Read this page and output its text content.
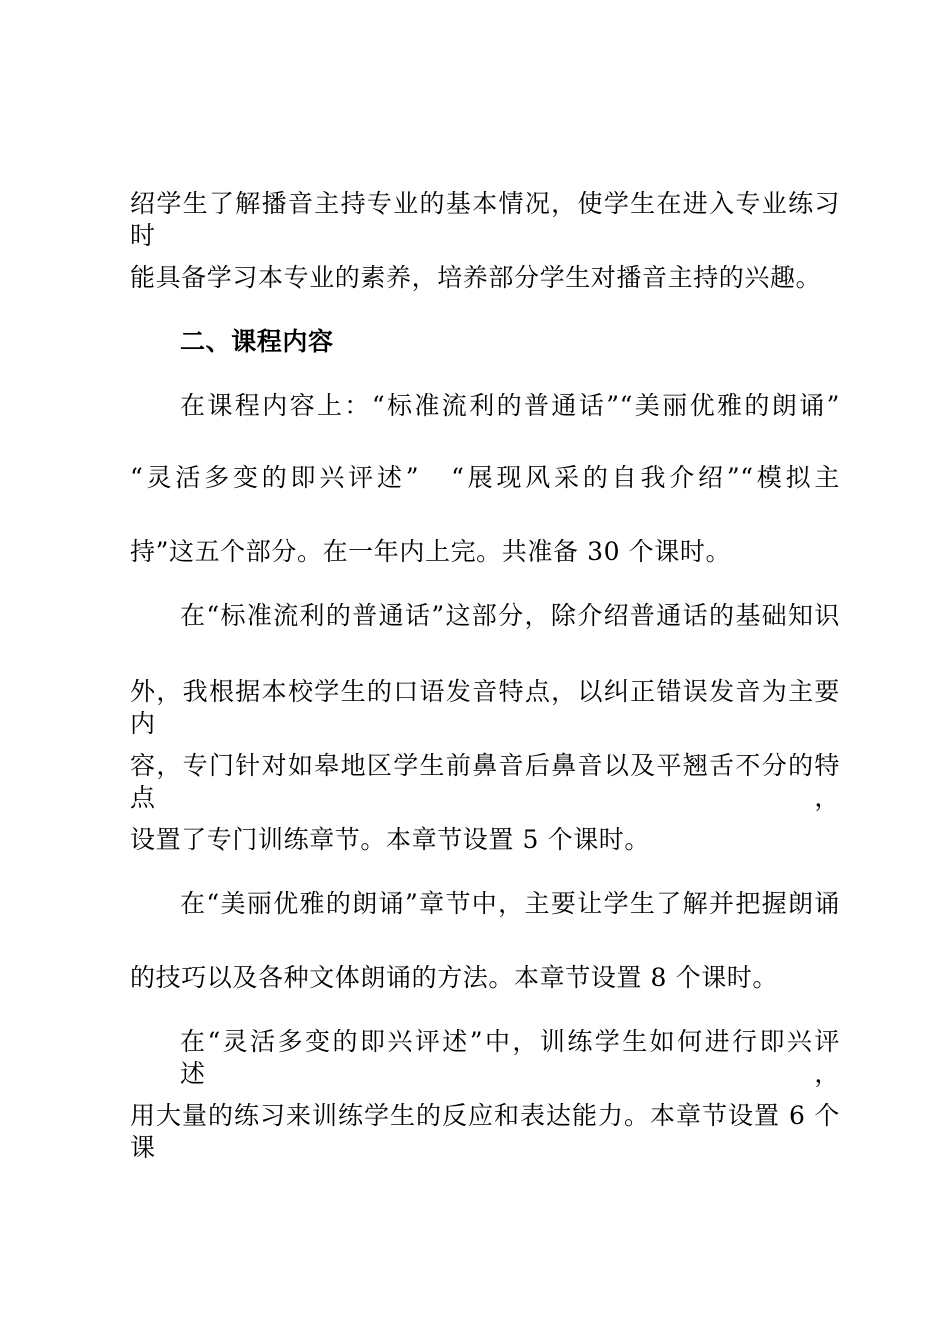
绍学生了解播音主持专业的基本情况，使学生在进入专业练习时
能具备学习本专业的素养，培养部分学生对播音主持的兴趣。
二、课程内容
在课程内容上：“标准流利的普通话”“美丽优雅的朗诵”
“灵活多变的即兴评述”　“展现风采的自我介绍”“模拟主
持”这五个部分。在一年内上完。共准备 30 个课时。
在“标准流利的普通话”这部分，除介绍普通话的基础知识
外，我根据本校学生的口语发音特点，以纠正错误发音为主要内
容，专门针对如皋地区学生前鼻音后鼻音以及平翘舌不分的特点，
设置了专门训练章节。本章节设置 5 个课时。
在“美丽优雅的朗诵”章节中，主要让学生了解并把握朗诵
的技巧以及各种文体朗诵的方法。本章节设置 8 个课时。
在“灵活多变的即兴评述”中，训练学生如何进行即兴评述，
用大量的练习来训练学生的反应和表达能力。本章节设置 6 个课
